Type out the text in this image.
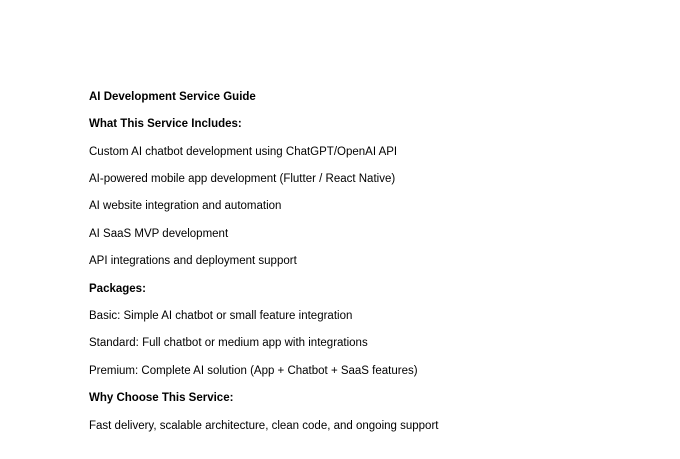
AI Development Service Guide
What This Service Includes:
Custom AI chatbot development using ChatGPT/OpenAI API
AI-powered mobile app development (Flutter / React Native)
AI website integration and automation
AI SaaS MVP development
API integrations and deployment support
Packages:
Basic: Simple AI chatbot or small feature integration
Standard: Full chatbot or medium app with integrations
Premium: Complete AI solution (App + Chatbot + SaaS features)
Why Choose This Service:
Fast delivery, scalable architecture, clean code, and ongoing support
